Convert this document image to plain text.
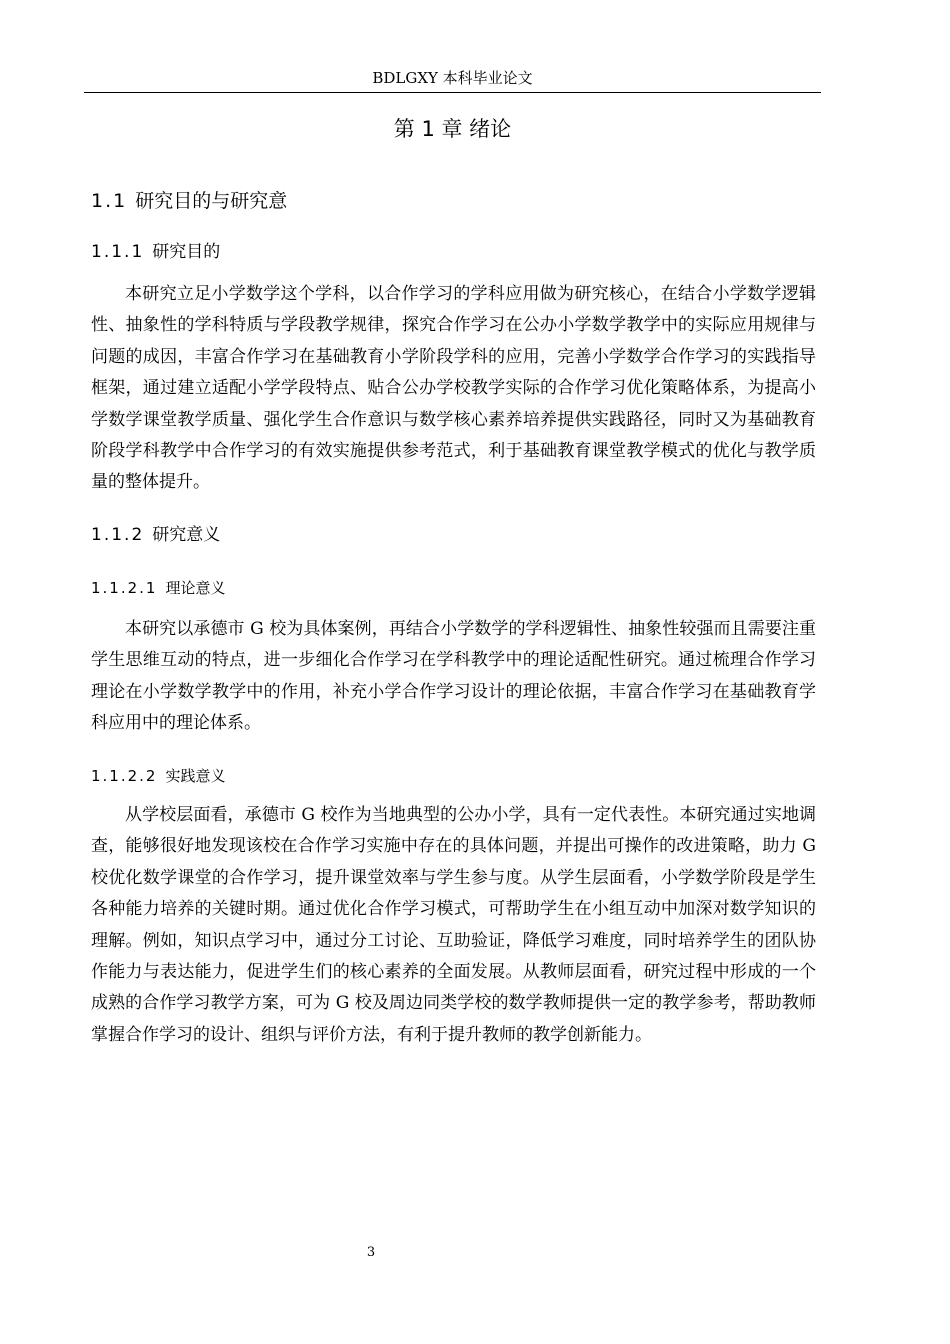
BDLGXY 本科毕业论文
第 1 章 绪论
1.1 研究目的与研究意
1.1.1 研究目的

本研究立足小学数学这个学科，以合作学习的学科应用做为研究核心，在结合小学数学逻辑性、抽象性的学科特质与学段教学规律，探究合作学习在公办小学数学教学中的实际应用规律与问题的成因，丰富合作学习在基础教育小学阶段学科的应用，完善小学数学合作学习的实践指导框架，通过建立适配小学学段特点、贴合公办学校教学实际的合作学习优化策略体系，为提高小学数学课堂教学质量、强化学生合作意识与数学核心素养培养提供实践路径，同时又为基础教育阶段学科教学中合作学习的有效实施提供参考范式，利于基础教育课堂教学模式的优化与教学质量的整体提升。

1.1.2 研究意义
1.1.2.1 理论意义

本研究以承德市 G 校为具体案例，再结合小学数学的学科逻辑性、抽象性较强而且需要注重学生思维互动的特点，进一步细化合作学习在学科教学中的理论适配性研究。通过梳理合作学习理论在小学数学教学中的作用，补充小学合作学习设计的理论依据，丰富合作学习在基础教育学科应用中的理论体系。

1.1.2.2 实践意义

从学校层面看，承德市 G 校作为当地典型的公办小学，具有一定代表性。本研究通过实地调查，能够很好地发现该校在合作学习实施中存在的具体问题，并提出可操作的改进策略，助力 G 校优化数学课堂的合作学习，提升课堂效率与学生参与度。从学生层面看，小学数学阶段是学生各种能力培养的关键时期。通过优化合作学习模式，可帮助学生在小组互动中加深对数学知识的理解。例如，知识点学习中，通过分工讨论、互助验证，降低学习难度，同时培养学生的团队协作能力与表达能力，促进学生们的核心素养的全面发展。从教师层面看，研究过程中形成的一个成熟的合作学习教学方案，可为 G 校及周边同类学校的数学教师提供一定的教学参考，帮助教师掌握合作学习的设计、组织与评价方法，有利于提升教师的教学创新能力。

3
